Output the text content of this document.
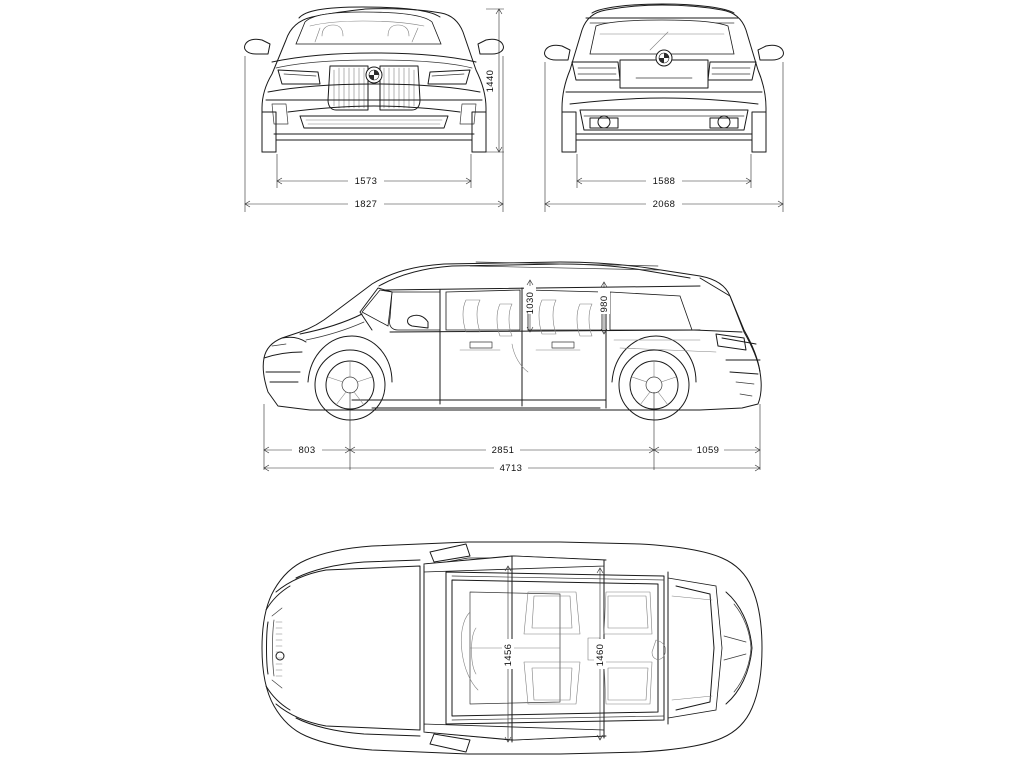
1440
1573
1827
1588
2068
1030	980
803	2851	1059
4713
1456	1460
